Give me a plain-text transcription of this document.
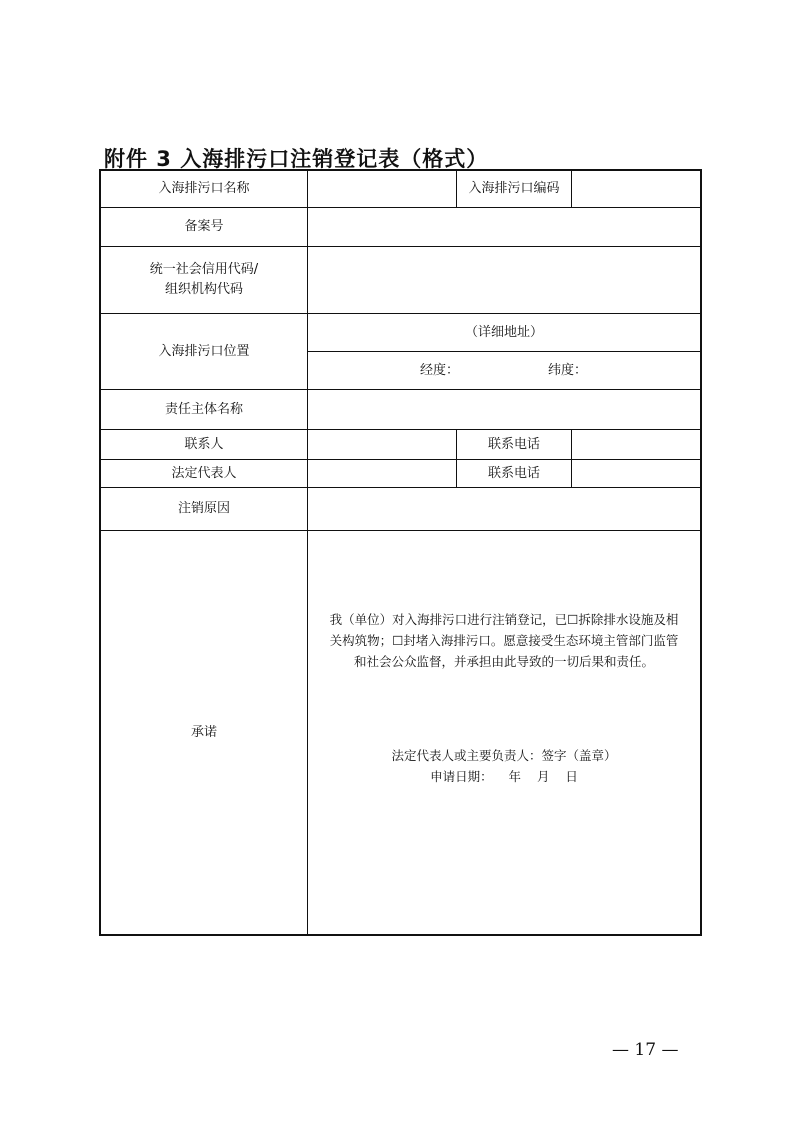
附件 3 入海排污口注销登记表（格式）
入海排污口名称	入海排污口编码
备案号
统一社会信用代码/
组织机构代码
入海排污口位置
（详细地址）
经度：	纬度：
责任主体名称
联系人	联系电话
法定代表人	联系电话
注销原因
承诺
我（单位）对入海排污口进行注销登记，已☐拆除排水设施及相
关构筑物；☐封堵入海排污口。愿意接受生态环境主管部门监管
和社会公众监督，并承担由此导致的一切后果和责任。
法定代表人或主要负责人：签字（盖章）
申请日期：    年    月    日
— 17 —
